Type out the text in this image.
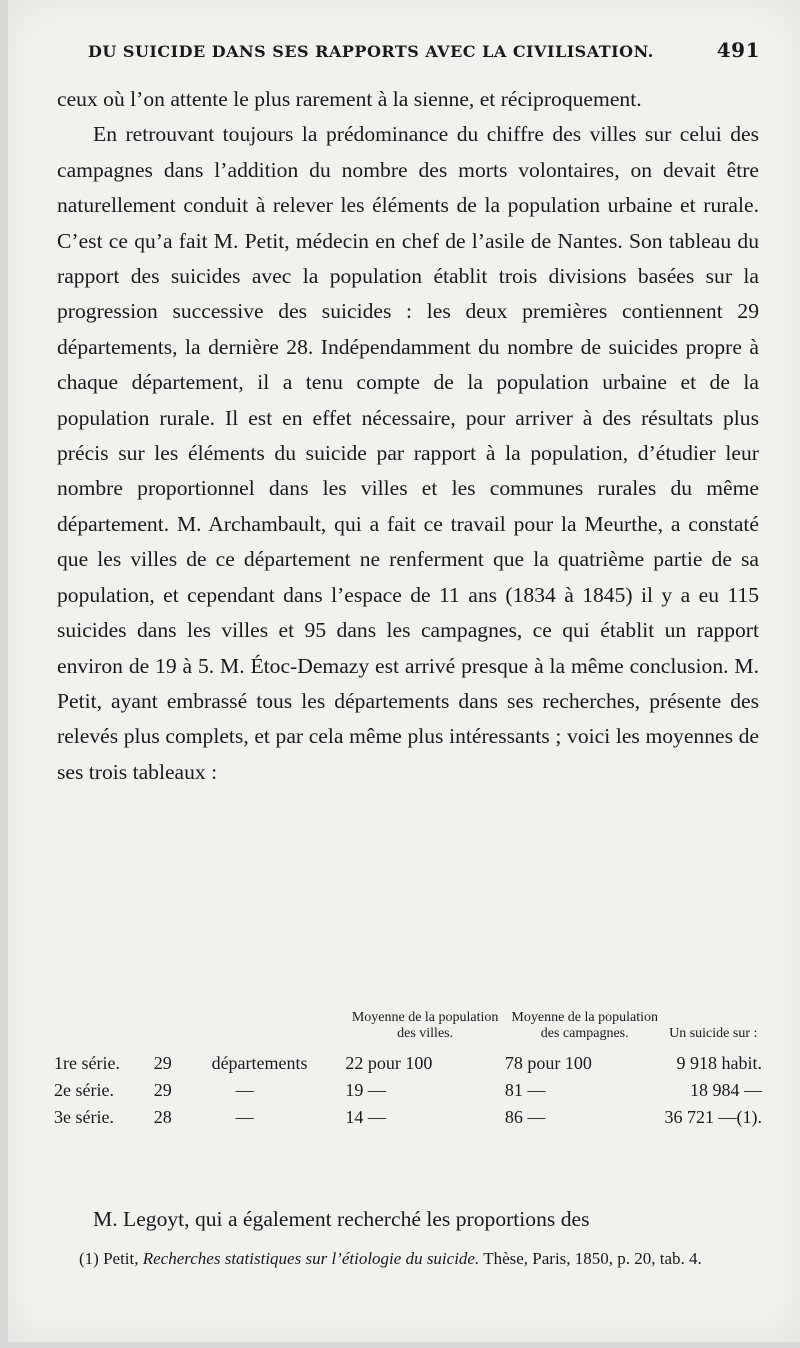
DU SUICIDE DANS SES RAPPORTS AVEC LA CIVILISATION.	491

ceux où l’on attente le plus rarement à la sienne, et réciproquement.

En retrouvant toujours la prédominance du chiffre des villes sur celui des campagnes dans l’addition du nombre des morts volontaires, on devait être naturellement conduit à relever les éléments de la population urbaine et rurale. C’est ce qu’a fait M. Petit, médecin en chef de l’asile de Nantes. Son tableau du rapport des suicides avec la population établit trois divisions basées sur la progression successive des suicides : les deux premières contiennent 29 départements, la dernière 28. Indépendamment du nombre de suicides propre à chaque département, il a tenu compte de la population urbaine et de la population rurale. Il est en effet nécessaire, pour arriver à des résultats plus précis sur les éléments du suicide par rapport à la population, d’étudier leur nombre proportionnel dans les villes et les communes rurales du même département. M. Archambault, qui a fait ce travail pour la Meurthe, a constaté que les villes de ce département ne renferment que la quatrième partie de sa population, et cependant dans l’espace de 11 ans (1834 à 1845) il y a eu 115 suicides dans les villes et 95 dans les campagnes, ce qui établit un rapport environ de 19 à 5. M. Étoc-Demazy est arrivé presque à la même conclusion. M. Petit, ayant embrassé tous les départements dans ses recherches, présente des relevés plus complets, et par cela même plus intéressants ; voici les moyennes de ses trois tableaux :

			Moyenne de la population des villes.	Moyenne de la population des campagnes.	Un suicide sur :
1re série.	29	départements	22 pour 100	78 pour 100	9 918 habit.
2e série.	29	—	19 —	81 —	18 984 —
3e série.	28	—	14 —	86 —	36 721 —(1).

M. Legoyt, qui a également recherché les proportions des

(1) Petit, Recherches statistiques sur l’étiologie du suicide. Thèse, Paris, 1850, p. 20, tab. 4.
